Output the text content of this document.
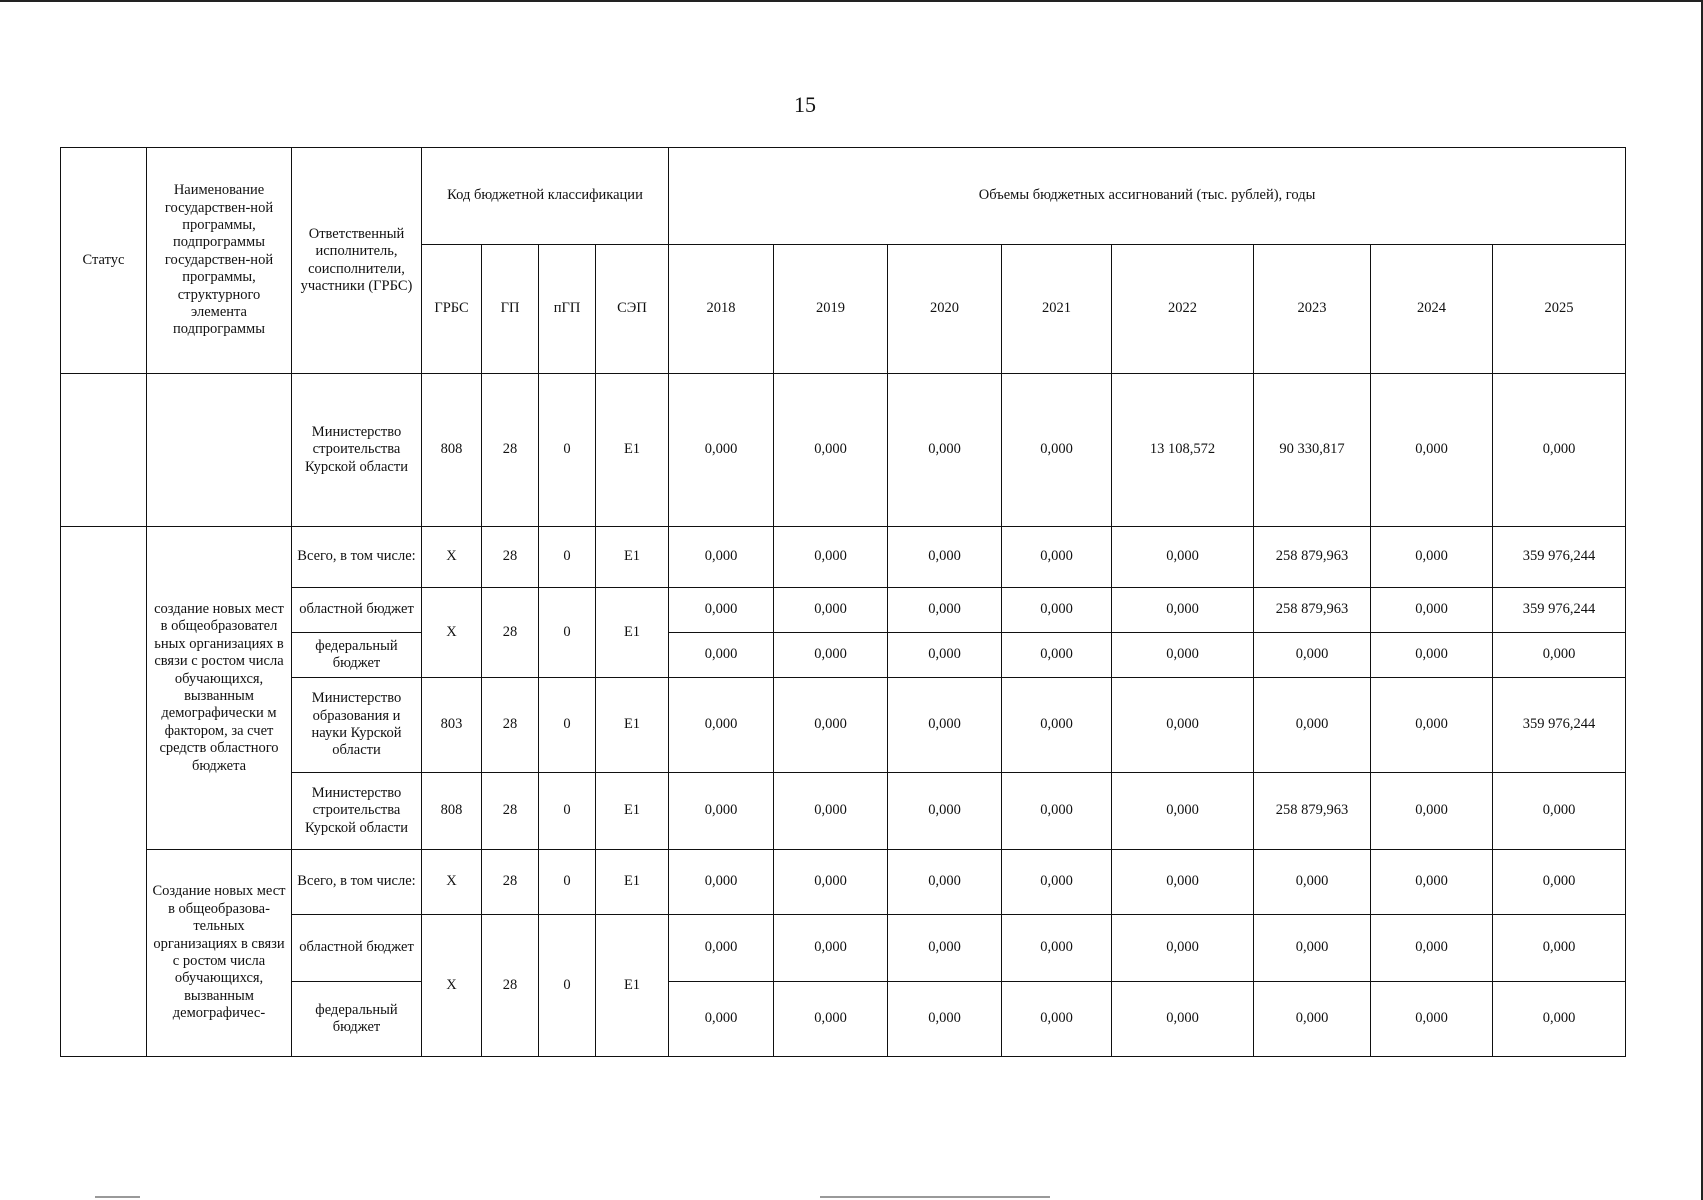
15
Статус	Наименование государствен-ной программы, подпрограммы государствен-ной программы, структурного элемента подпрограммы	Ответственный исполнитель, соисполнители, участники (ГРБС)	Код бюджетной классификации				Объемы бюджетных ассигнований (тыс. рублей), годы							
			ГРБС	ГП	пГП	СЭП	2018	2019	2020	2021	2022	2023	2024	2025
		Министерство строительства Курской области	808	28	0	Е1	0,000	0,000	0,000	0,000	13 108,572	90 330,817	0,000	0,000
	создание новых мест в общеобразовател ьных организациях в связи с ростом числа обучающихся, вызванным демографически м фактором, за счет средств областного бюджета	Всего, в том числе:	Х	28	0	Е1	0,000	0,000	0,000	0,000	0,000	258 879,963	0,000	359 976,244
		областной бюджет	Х	28	0	Е1	0,000	0,000	0,000	0,000	0,000	258 879,963	0,000	359 976,244
		федеральный бюджет					0,000	0,000	0,000	0,000	0,000	0,000	0,000	0,000
		Министерство образования и науки Курской области	803	28	0	Е1	0,000	0,000	0,000	0,000	0,000	0,000	0,000	359 976,244
		Министерство строительства Курской области	808	28	0	Е1	0,000	0,000	0,000	0,000	0,000	258 879,963	0,000	0,000
	Создание новых мест в общеобразова-тельных организациях в связи с ростом числа обучающихся, вызванным демографичес-	Всего, в том числе:	Х	28	0	Е1	0,000	0,000	0,000	0,000	0,000	0,000	0,000	0,000
		областной бюджет	Х	28	0	Е1	0,000	0,000	0,000	0,000	0,000	0,000	0,000	0,000
		федеральный бюджет					0,000	0,000	0,000	0,000	0,000	0,000	0,000	0,000
